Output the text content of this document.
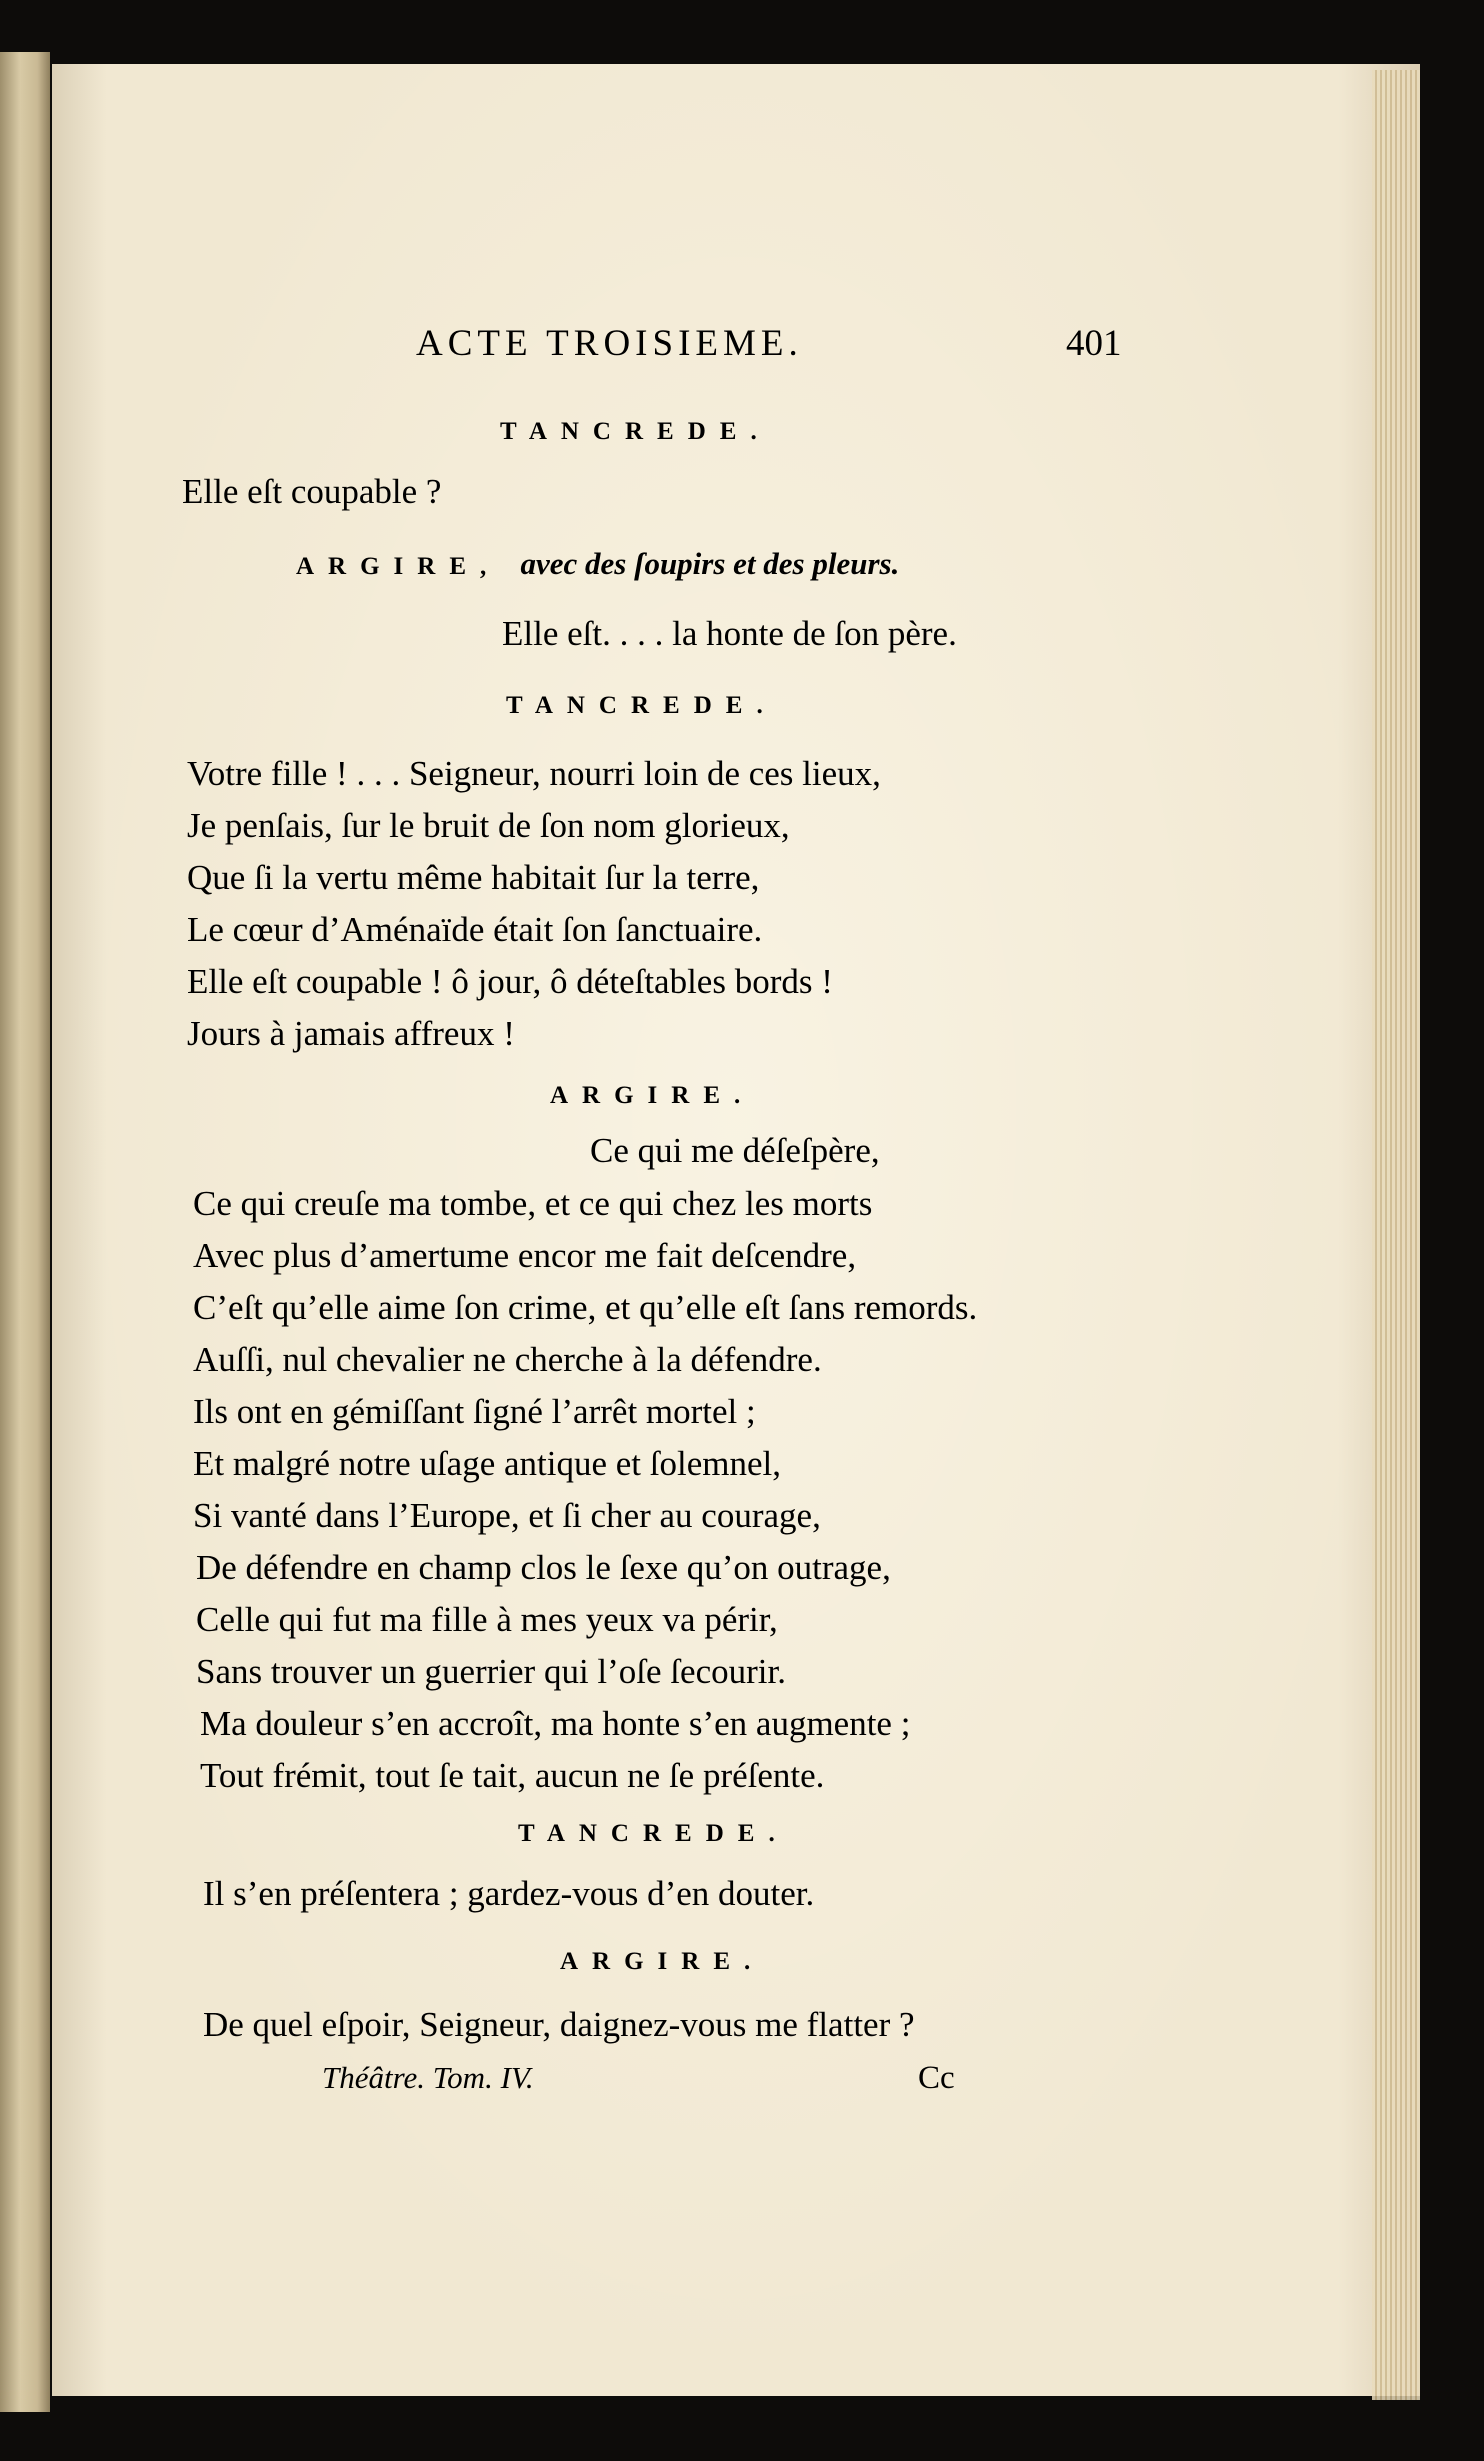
ACTE TROISIEME.	401
TANCREDE.
Elle eſt coupable ?
ARGIRE, avec des ſoupirs et des pleurs.
Elle eſt. . . . la honte de ſon père.
TANCREDE.
Votre fille ! . . . Seigneur, nourri loin de ces lieux,
Je penſais, ſur le bruit de ſon nom glorieux,
Que ſi la vertu même habitait ſur la terre,
Le cœur d’Aménaïde était ſon ſanctuaire.
Elle eſt coupable ! ô jour, ô déteſtables bords !
Jours à jamais affreux !
ARGIRE.
Ce qui me déſeſpère,
Ce qui creuſe ma tombe, et ce qui chez les morts
Avec plus d’amertume encor me fait deſcendre,
C’eſt qu’elle aime ſon crime, et qu’elle eſt ſans remords.
Auſſi, nul chevalier ne cherche à la défendre.
Ils ont en gémiſſant ſigné l’arrêt mortel ;
Et malgré notre uſage antique et ſolemnel,
Si vanté dans l’Europe, et ſi cher au courage,
De défendre en champ clos le ſexe qu’on outrage,
Celle qui fut ma fille à mes yeux va périr,
Sans trouver un guerrier qui l’oſe ſecourir.
Ma douleur s’en accroît, ma honte s’en augmente ;
Tout frémit, tout ſe tait, aucun ne ſe préſente.
TANCREDE.
Il s’en préſentera ; gardez-vous d’en douter.
ARGIRE.
De quel eſpoir, Seigneur, daignez-vous me flatter ?
Théâtre. Tom. IV.	Cc
